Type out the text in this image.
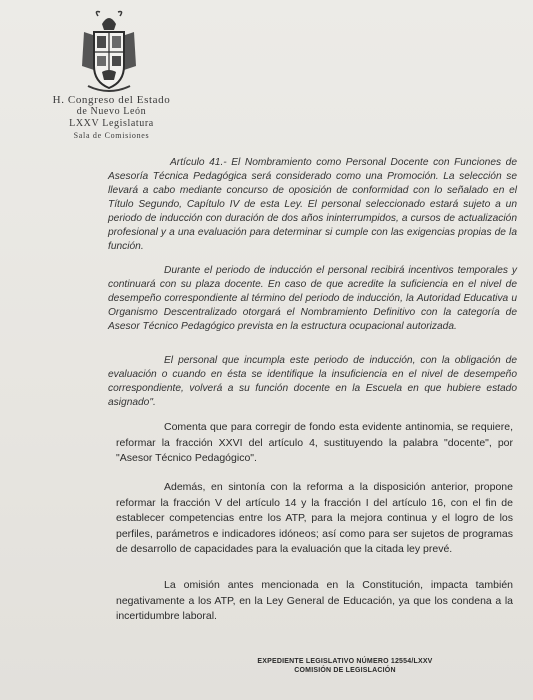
H. Congreso del Estado
de Nuevo León
LXXV Legislatura
Sala de Comisiones
Artículo 41.- El Nombramiento como Personal Docente con Funciones de Asesoría Técnica Pedagógica será considerado como una Promoción. La selección se llevará a cabo mediante concurso de oposición de conformidad con lo señalado en el Título Segundo, Capítulo IV de esta Ley. El personal seleccionado estará sujeto a un periodo de inducción con duración de dos años ininterrumpidos, a cursos de actualización profesional y a una evaluación para determinar si cumple con las exigencias propias de la función.
Durante el periodo de inducción el personal recibirá incentivos temporales y continuará con su plaza docente. En caso de que acredite la suficiencia en el nivel de desempeño correspondiente al término del periodo de inducción, la Autoridad Educativa u Organismo Descentralizado otorgará el Nombramiento Definitivo con la categoría de Asesor Técnico Pedagógico prevista en la estructura ocupacional autorizada.
El personal que incumpla este periodo de inducción, con la obligación de evaluación o cuando en ésta se identifique la insuficiencia en el nivel de desempeño correspondiente, volverá a su función docente en la Escuela en que hubiere estado asignado".
Comenta que para corregir de fondo esta evidente antinomia, se requiere, reformar la fracción XXVI del artículo 4, sustituyendo la palabra "docente", por "Asesor Técnico Pedagógico".
Además, en sintonía con la reforma a la disposición anterior, propone reformar la fracción V del artículo 14 y la fracción I del artículo 16, con el fin de establecer competencias entre los ATP, para la mejora continua y el logro de los perfiles, parámetros e indicadores idóneos; así como para ser sujetos de programas de desarrollo de capacidades para la evaluación que la citada ley prevé.
La omisión antes mencionada en la Constitución, impacta también negativamente a los ATP, en la Ley General de Educación, ya que los condena a la incertidumbre laboral.
EXPEDIENTE LEGISLATIVO NÚMERO 12554/LXXV
COMISIÓN DE LEGISLACIÓN
